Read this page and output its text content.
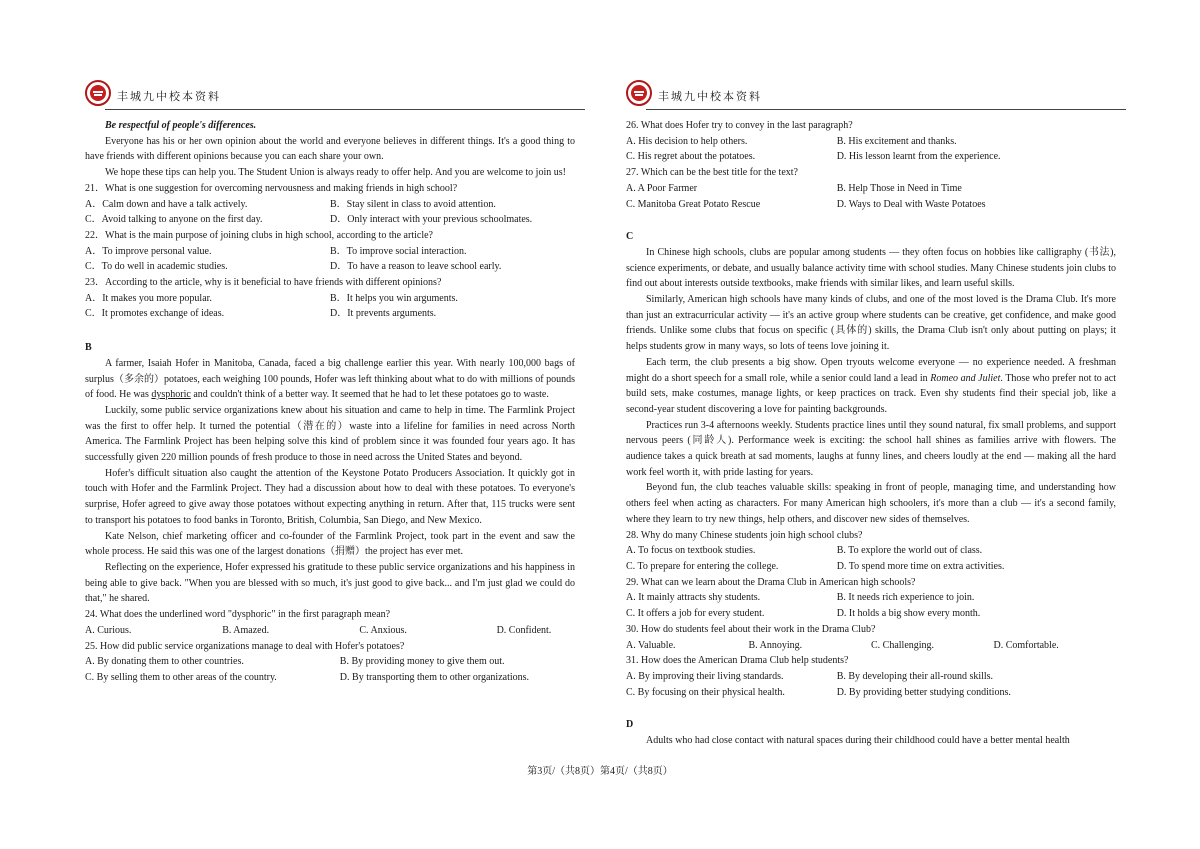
丰城九中校本资料

Be respectful of people's differences.

Everyone has his or her own opinion about the world and everyone believes in different things. It's a good thing to have friends with different opinions because you can each share your own.

We hope these tips can help you. The Student Union is always ready to offer help. And you are welcome to join us!

21．What is one suggestion for overcoming nervousness and making friends in high school?

A．Calm down and have a talk actively.	B．Stay silent in class to avoid attention.
C．Avoid talking to anyone on the first day.	D．Only interact with your previous schoolmates.

22．What is the main purpose of joining clubs in high school, according to the article?

A．To improve personal value.	B．To improve social interaction.
C．To do well in academic studies.	D．To have a reason to leave school early.

23．According to the article, why is it beneficial to have friends with different opinions?

A．It makes you more popular.	B．It helps you win arguments.
C．It promotes exchange of ideas.	D．It prevents arguments.

B

A farmer, Isaiah Hofer in Manitoba, Canada, faced a big challenge earlier this year. With nearly 100,000 bags of surplus（多余的）potatoes, each weighing 100 pounds, Hofer was left thinking about what to do with millions of pounds of food. He was dysphoric and couldn't think of a better way. It seemed that he had to let these potatoes go to waste.

Luckily, some public service organizations knew about his situation and came to help in time. The Farmlink Project was the first to offer help. It turned the potential（潜在的）waste into a lifeline for families in need across North America. The Farmlink Project has been helping solve this kind of problem since it was founded four years ago. It has successfully given 220 million pounds of fresh produce to those in need across the United States and beyond.

Hofer's difficult situation also caught the attention of the Keystone Potato Producers Association. It quickly got in touch with Hofer and the Farmlink Project. They had a discussion about how to deal with these potatoes. To everyone's surprise, Hofer agreed to give away those potatoes without expecting anything in return. After that, 115 trucks were sent to transport his potatoes to food banks in Toronto, British, Columbia, San Diego, and New Mexico.

Kate Nelson, chief marketing officer and co-founder of the Farmlink Project, took part in the event and saw the whole process. He said this was one of the largest donations（捐赠）the project has ever met.

Reflecting on the experience, Hofer expressed his gratitude to these public service organizations and his happiness in being able to give back. "When you are blessed with so much, it's just good to give back... and I'm just glad we could do that," he shared.

24. What does the underlined word "dysphoric" in the first paragraph mean?

A. Curious.	B. Amazed.	C. Anxious.	D. Confident.

25. How did public service organizations manage to deal with Hofer's potatoes?

A. By donating them to other countries.	B. By providing money to give them out.
C. By selling them to other areas of the country.	D. By transporting them to other organizations.
丰城九中校本资料

26. What does Hofer try to convey in the last paragraph?

A. His decision to help others.	B. His excitement and thanks.
C. His regret about the potatoes.	D. His lesson learnt from the experience.

27. Which can be the best title for the text?

A. A Poor Farmer	B. Help Those in Need in Time
C. Manitoba Great Potato Rescue	D. Ways to Deal with Waste Potatoes

C

In Chinese high schools, clubs are popular among students — they often focus on hobbies like calligraphy (书法), science experiments, or debate, and usually balance activity time with school studies. Many Chinese students join clubs to find out about interests outside textbooks, make friends with similar likes, and learn useful skills.

Similarly, American high schools have many kinds of clubs, and one of the most loved is the Drama Club. It's more than just an extracurricular activity — it's an active group where students can be creative, get confidence, and make good friends. Unlike some clubs that focus on specific (具体的) skills, the Drama Club isn't only about putting on plays; it helps students grow in many ways, so lots of teens love joining it.

Each term, the club presents a big show. Open tryouts welcome everyone — no experience needed. A freshman might do a short speech for a small role, while a senior could land a lead in Romeo and Juliet. Those who prefer not to act build sets, make costumes, manage lights, or keep practices on track. Even shy students find their special job, like a second-year student discovering a love for painting backgrounds.

Practices run 3-4 afternoons weekly. Students practice lines until they sound natural, fix small problems, and support nervous peers (同龄人). Performance week is exciting: the school hall shines as families arrive with flowers. The audience takes a quick breath at sad moments, laughs at funny lines, and cheers loudly at the end — making all the hard work feel worth it, with pride lasting for years.

Beyond fun, the club teaches valuable skills: speaking in front of people, managing time, and understanding how others feel when acting as characters. For many American high schoolers, it's more than a club — it's a second family, where they learn to try new things, help others, and discover new sides of themselves.

28. Why do many Chinese students join high school clubs?

A. To focus on textbook studies.	B. To explore the world out of class.
C. To prepare for entering the college.	D. To spend more time on extra activities.

29. What can we learn about the Drama Club in American high schools?

A. It mainly attracts shy students.	B. It needs rich experience to join.
C. It offers a job for every student.	D. It holds a big show every month.

30. How do students feel about their work in the Drama Club?

A. Valuable.	B. Annoying.	C. Challenging.	D. Comfortable.

31. How does the American Drama Club help students?

A. By improving their living standards.	B. By developing their all-round skills.
C. By focusing on their physical health.	D. By providing better studying conditions.

D

Adults who had close contact with natural spaces during their childhood could have a better mental health

第3页/（共8页）第4页/（共8页）
